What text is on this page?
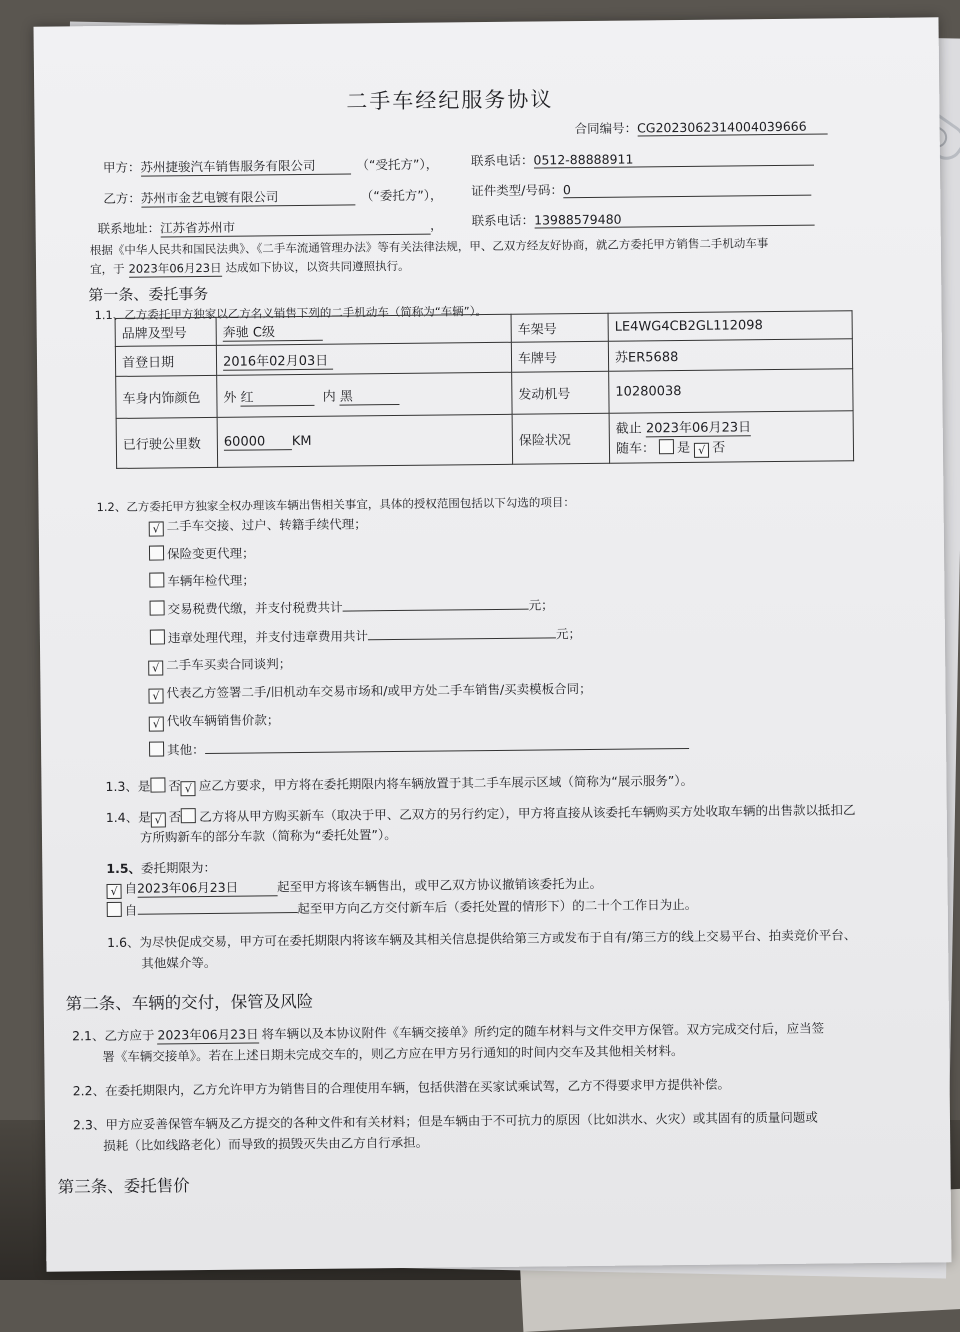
二手车经纪服务协议
合同编号：CG2023062314004039666
甲方：苏州捷骏汽车销售服务有限公司	（“受托方”），	联系电话：0512-88888911
乙方：苏州市金艺电镀有限公司	（“委托方”）， 证件类型/号码：0
联系地址：江苏省苏州市	， 联系电话：13988579480
根据《中华人民共和国民法典》、《二手车流通管理办法》等有关法律法规，甲、乙双方经友好协商，就乙方委托甲方销售二手机动车事
宜，于 2023年06月23日 达成如下协议，以资共同遵照执行。
第一条、委托事务
1.1、乙方委托甲方独家以乙方名义销售下列的二手机动车（简称为“车辆”）。
品牌及型号	奔驰 C级	车架号	LE4WG4CB2GL112098
首登日期	2016年02月03日	车牌号	苏ER5688
车身内饰颜色	外 红 内 黑	发动机号	10280038
已行驶公里数	60000 KM	保险状况	截止 2023年06月23日
随车： 是 √ 否
1.2、乙方委托甲方独家全权办理该车辆出售相关事宜，具体的授权范围包括以下勾选的项目：
√ 二手车交接、过户、转籍手续代理；
保险变更代理；
车辆年检代理；
交易税费代缴，并支付税费共计	元；
违章处理代理，并支付违章费用共计	元；
√ 二手车买卖合同谈判；
√ 代表乙方签署二手/旧机动车交易市场和/或甲方处二手车销售/买卖模板合同；
√ 代收车辆销售价款；
其他：
1.3、是 否 √ 应乙方要求，甲方将在委托期限内将车辆放置于其二手车展示区域（简称为“展示服务”）。
1.4、是 √ 否 乙方将从甲方购买新车（取决于甲、乙双方的另行约定），甲方将直接从该委托车辆购买方处收取车辆的出售款以抵扣乙
方所购新车的部分车款（简称为“委托处置”）。
1.5、委托期限为：
√ 自2023年06月23日	起至甲方将该车辆售出，或甲乙双方协议撤销该委托为止。
自	起至甲方向乙方交付新车后（委托处置的情形下）的二十个工作日为止。
1.6、为尽快促成交易，甲方可在委托期限内将该车辆及其相关信息提供给第三方或发布于自有/第三方的线上交易平台、拍卖竞价平台、
其他媒介等。
第二条、车辆的交付，保管及风险
2.1、乙方应于 2023年06月23日 将车辆以及本协议附件《车辆交接单》所约定的随车材料与文件交甲方保管。双方完成交付后，应当签
署《车辆交接单》。若在上述日期未完成交车的，则乙方应在甲方另行通知的时间内交车及其他相关材料。
2.2、在委托期限内，乙方允许甲方为销售目的合理使用车辆，包括供潜在买家试乘试驾，乙方不得要求甲方提供补偿。
2.3、甲方应妥善保管车辆及乙方提交的各种文件和有关材料；但是车辆由于不可抗力的原因（比如洪水、火灾）或其固有的质量问题或
损耗（比如线路老化）而导致的损毁灭失由乙方自行承担。
第三条、委托售价
